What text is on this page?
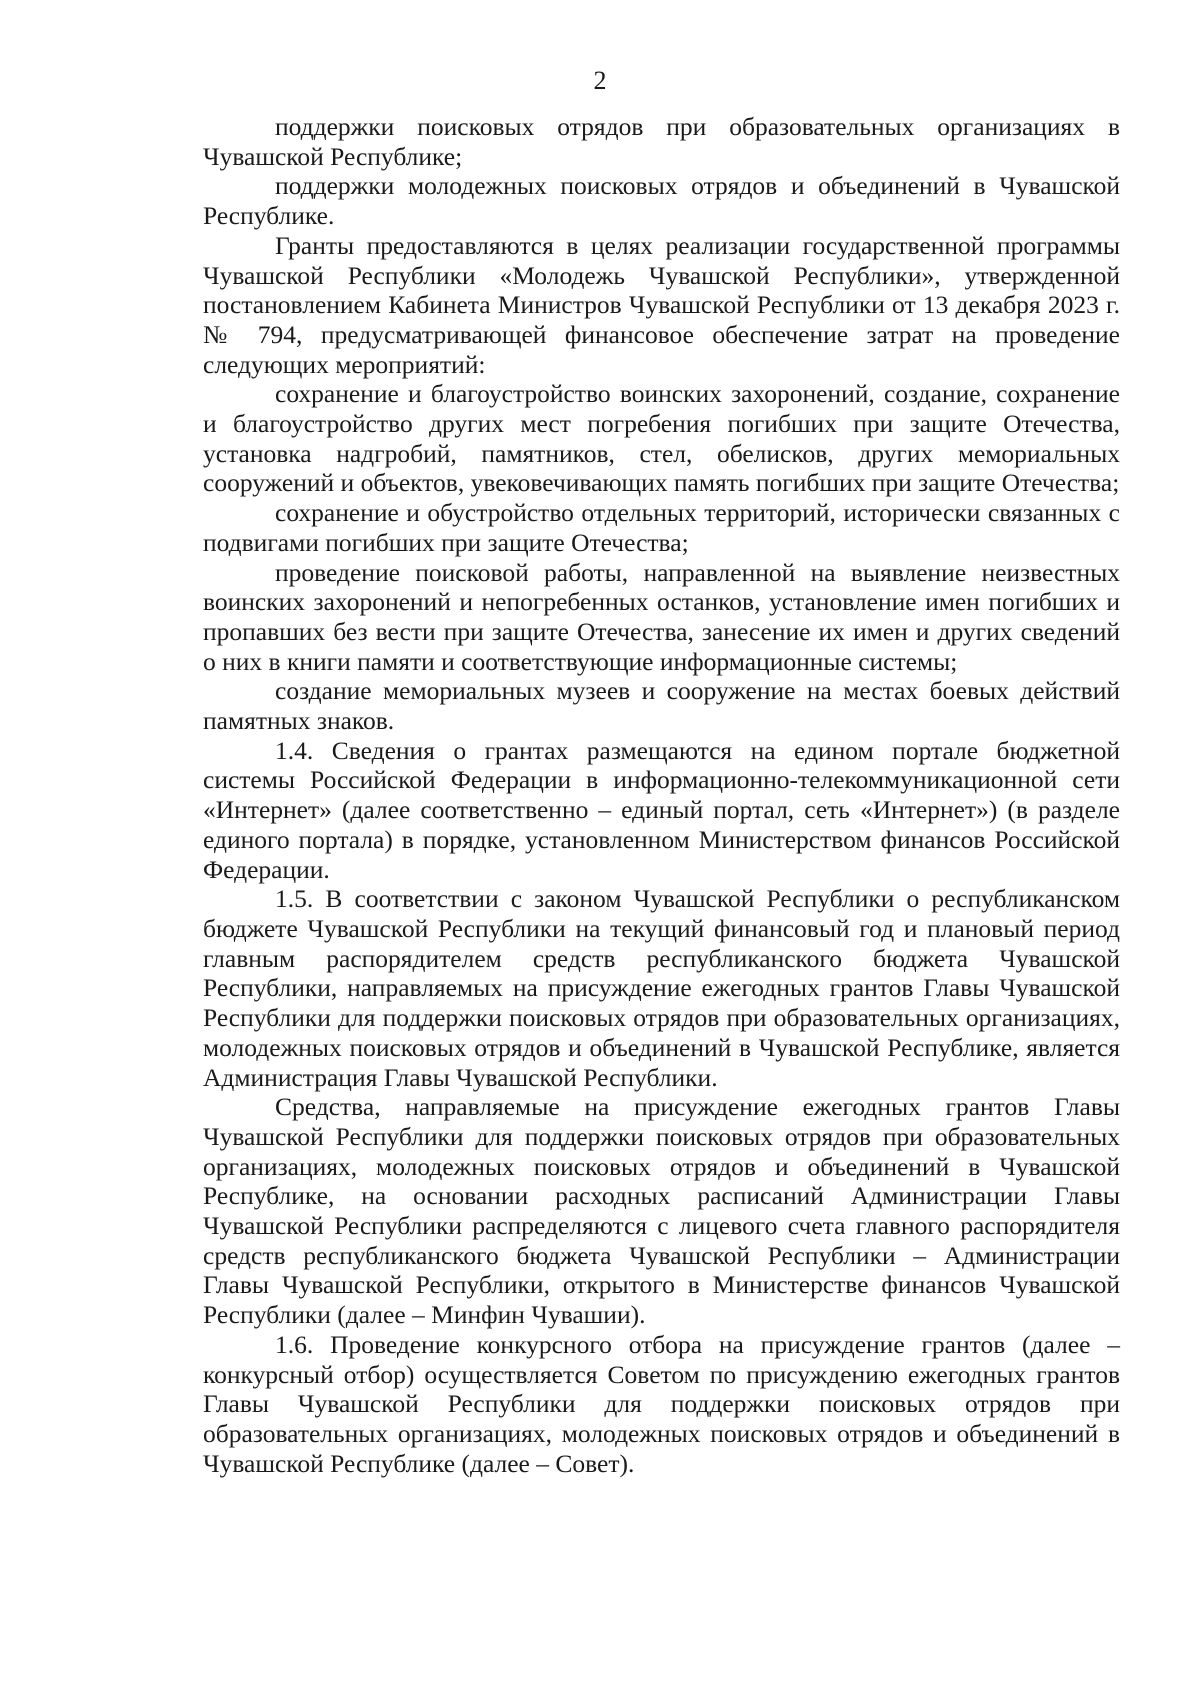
2

поддержки поисковых отрядов при образовательных организациях в Чувашской Республике;

поддержки молодежных поисковых отрядов и объединений в Чувашской Республике.

Гранты предоставляются в целях реализации государственной программы Чувашской Республики «Молодежь Чувашской Республики», утвержденной постановлением Кабинета Министров Чувашской Республики от 13 декабря 2023 г. № 794, предусматривающей финансовое обеспечение затрат на проведение следующих мероприятий:

сохранение и благоустройство воинских захоронений, создание, сохранение и благоустройство других мест погребения погибших при защите Отечества, установка надгробий, памятников, стел, обелисков, других мемориальных сооружений и объектов, увековечивающих память погибших при защите Отечества;

сохранение и обустройство отдельных территорий, исторически связанных с подвигами погибших при защите Отечества;

проведение поисковой работы, направленной на выявление неизвестных воинских захоронений и непогребенных останков, установление имен погибших и пропавших без вести при защите Отечества, занесение их имен и других сведений о них в книги памяти и соответствующие информационные системы;

создание мемориальных музеев и сооружение на местах боевых действий памятных знаков.

1.4. Сведения о грантах размещаются на едином портале бюджетной системы Российской Федерации в информационно-телекоммуникационной сети «Интернет» (далее соответственно – единый портал, сеть «Интернет») (в разделе единого портала) в порядке, установленном Министерством финансов Российской Федерации.

1.5. В соответствии с законом Чувашской Республики о республиканском бюджете Чувашской Республики на текущий финансовый год и плановый период главным распорядителем средств республиканского бюджета Чувашской Республики, направляемых на присуждение ежегодных грантов Главы Чувашской Республики для поддержки поисковых отрядов при образовательных организациях, молодежных поисковых отрядов и объединений в Чувашской Республике, является Администрация Главы Чувашской Республики.

Средства, направляемые на присуждение ежегодных грантов Главы Чувашской Республики для поддержки поисковых отрядов при образовательных организациях, молодежных поисковых отрядов и объединений в Чувашской Республике, на основании расходных расписаний Администрации Главы Чувашской Республики распределяются с лицевого счета главного распорядителя средств республиканского бюджета Чувашской Республики – Администрации Главы Чувашской Республики, открытого в Министерстве финансов Чувашской Республики (далее – Минфин Чувашии).

1.6. Проведение конкурсного отбора на присуждение грантов (далее – конкурсный отбор) осуществляется Советом по присуждению ежегодных грантов Главы Чувашской Республики для поддержки поисковых отрядов при образовательных организациях, молодежных поисковых отрядов и объединений в Чувашской Республике (далее – Совет).
